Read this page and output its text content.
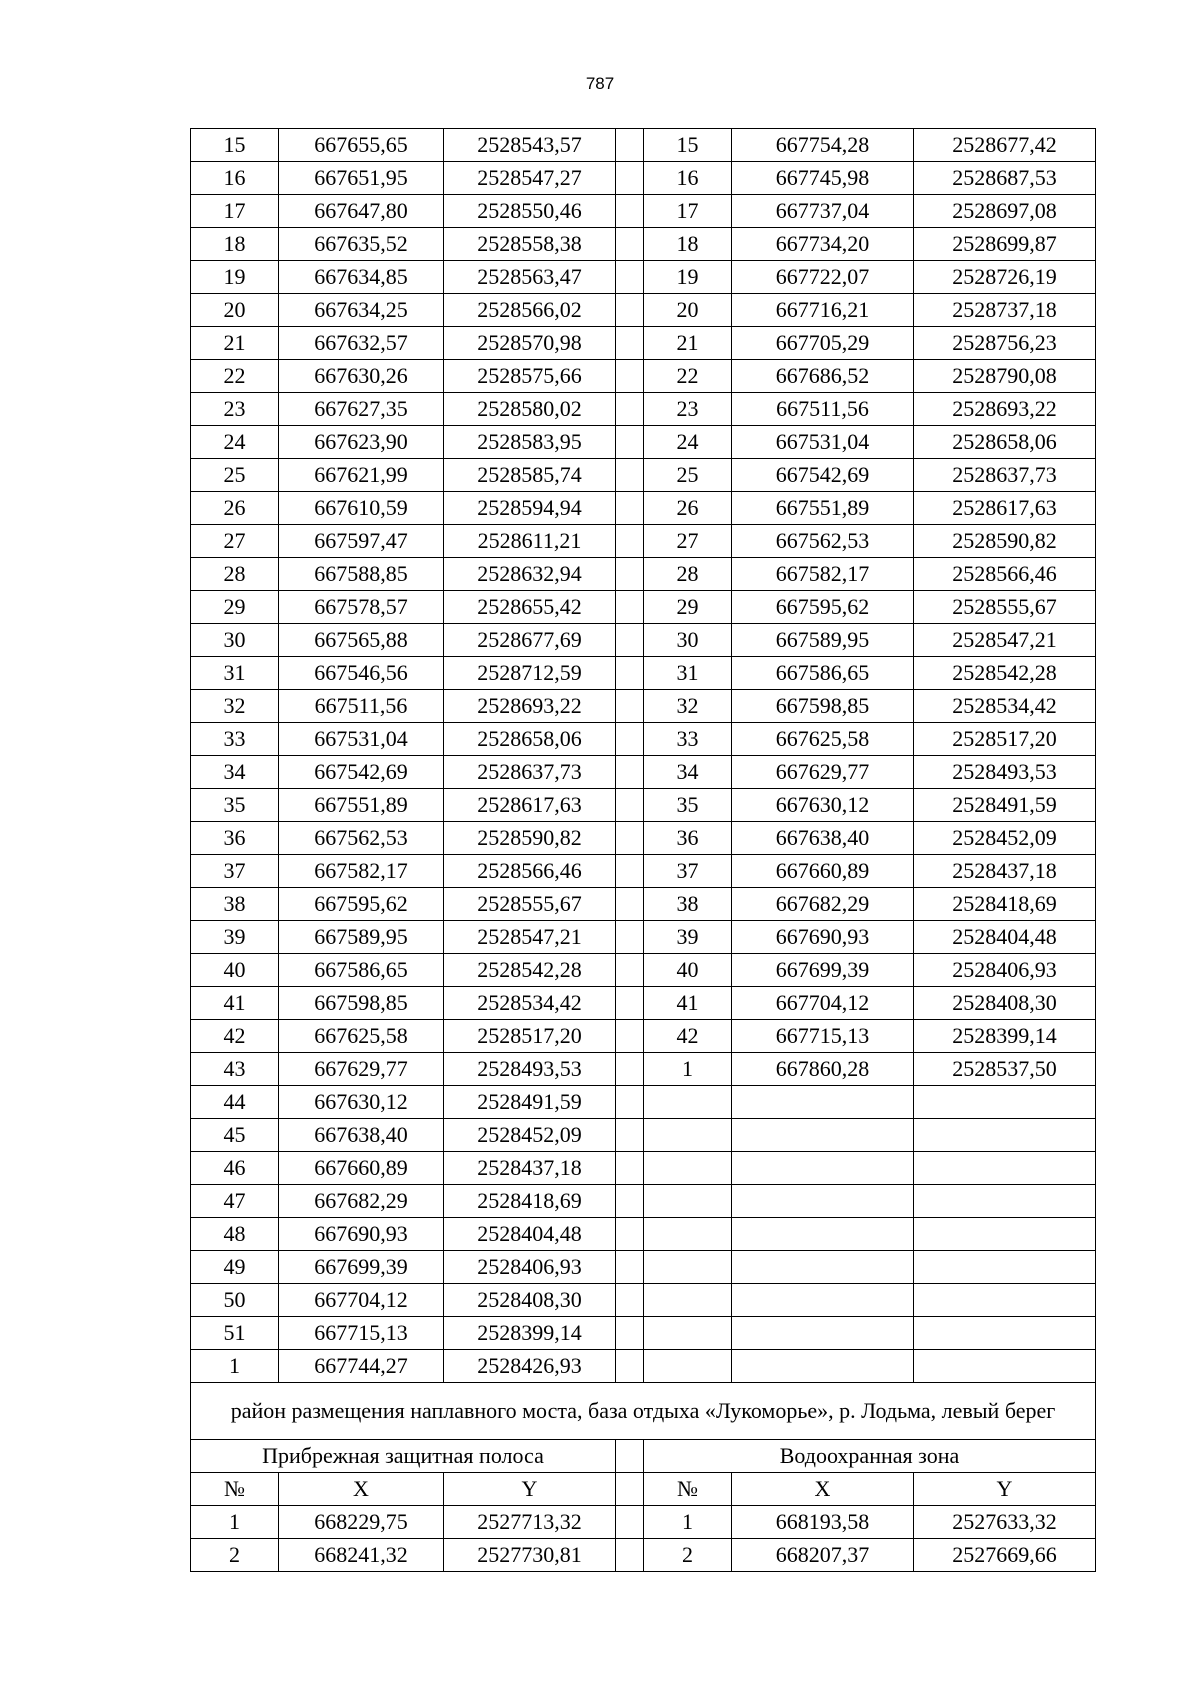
787
15	667655,65	2528543,57		15	667754,28	2528677,42
16	667651,95	2528547,27		16	667745,98	2528687,53
17	667647,80	2528550,46		17	667737,04	2528697,08
18	667635,52	2528558,38		18	667734,20	2528699,87
19	667634,85	2528563,47		19	667722,07	2528726,19
20	667634,25	2528566,02		20	667716,21	2528737,18
21	667632,57	2528570,98		21	667705,29	2528756,23
22	667630,26	2528575,66		22	667686,52	2528790,08
23	667627,35	2528580,02		23	667511,56	2528693,22
24	667623,90	2528583,95		24	667531,04	2528658,06
25	667621,99	2528585,74		25	667542,69	2528637,73
26	667610,59	2528594,94		26	667551,89	2528617,63
27	667597,47	2528611,21		27	667562,53	2528590,82
28	667588,85	2528632,94		28	667582,17	2528566,46
29	667578,57	2528655,42		29	667595,62	2528555,67
30	667565,88	2528677,69		30	667589,95	2528547,21
31	667546,56	2528712,59		31	667586,65	2528542,28
32	667511,56	2528693,22		32	667598,85	2528534,42
33	667531,04	2528658,06		33	667625,58	2528517,20
34	667542,69	2528637,73		34	667629,77	2528493,53
35	667551,89	2528617,63		35	667630,12	2528491,59
36	667562,53	2528590,82		36	667638,40	2528452,09
37	667582,17	2528566,46		37	667660,89	2528437,18
38	667595,62	2528555,67		38	667682,29	2528418,69
39	667589,95	2528547,21		39	667690,93	2528404,48
40	667586,65	2528542,28		40	667699,39	2528406,93
41	667598,85	2528534,42		41	667704,12	2528408,30
42	667625,58	2528517,20		42	667715,13	2528399,14
43	667629,77	2528493,53		1	667860,28	2528537,50
44	667630,12	2528491,59				
45	667638,40	2528452,09				
46	667660,89	2528437,18				
47	667682,29	2528418,69				
48	667690,93	2528404,48				
49	667699,39	2528406,93				
50	667704,12	2528408,30				
51	667715,13	2528399,14				
1	667744,27	2528426,93				
район размещения наплавного моста, база отдыха «Лукоморье», р. Лодьма, левый берег						
Прибрежная защитная полоса				Водоохранная зона		
№	X	Y		№	X	Y
1	668229,75	2527713,32		1	668193,58	2527633,32
2	668241,32	2527730,81		2	668207,37	2527669,66
